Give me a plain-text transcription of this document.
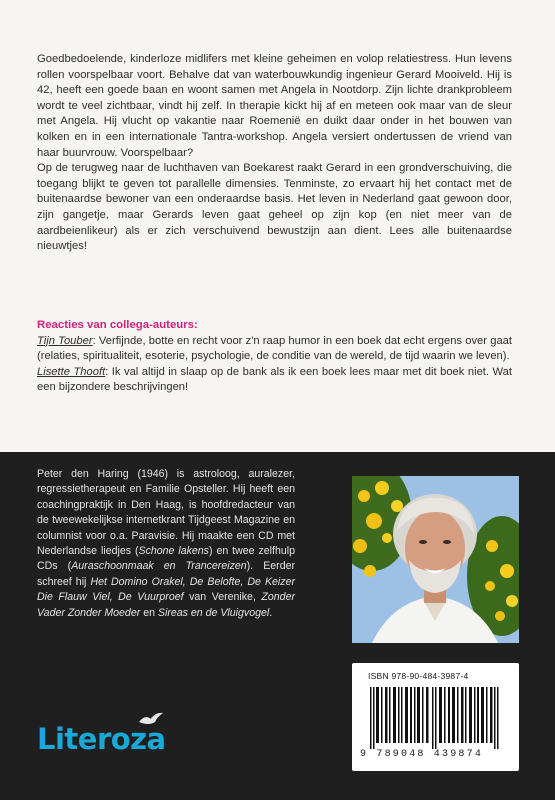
Goedbedoelende, kinderloze midlifers met kleine geheimen en volop relatiestress. Hun levens rollen voorspelbaar voort. Behalve dat van waterbouwkundig ingenieur Gerard Mooiveld. Hij is 42, heeft een goede baan en woont samen met Angela in Nootdorp. Zijn lichte drankprobleem wordt te veel zichtbaar, vindt hij zelf. In therapie kickt hij af en meteen ook maar van de sleur met Angela. Hij vlucht op vakantie naar Roemenië en duikt daar onder in het bouwen van kolken en in een internationale Tantra-workshop. Angela versiert ondertussen de vriend van haar buurvrouw. Voorspelbaar?

Op de terugweg naar de luchthaven van Boekarest raakt Gerard in een grondverschuiving, die toegang blijkt te geven tot parallelle dimensies. Tenminste, zo ervaart hij het contact met de buitenaardse bewoner van een onderaardse basis. Het leven in Nederland gaat gewoon door, zijn gangetje, maar Gerards leven gaat geheel op zijn kop (en niet meer van de aardbeienlikeur) als er zich verschuivend bewustzijn aan dient. Lees alle buitenaardse nieuwtjes!

Reacties van collega-auteurs:
Tijn Touber: Verfijnde, botte en recht voor z'n raap humor in een boek dat echt ergens over gaat (relaties, spiritualiteit, esoterie, psychologie, de conditie van de wereld, de tijd waarin we leven).
Lisette Thooft: Ik val altijd in slaap op de bank als ik een boek lees maar met dit boek niet. Wat een bijzondere beschrijvingen!
Peter den Haring (1946) is astroloog, auralezer, regressietherapeut en Familie Opsteller. Hij heeft een coachingpraktijk in Den Haag, is hoofdredacteur van de tweewekelijkse internetkrant Tijdgeest Magazine en columnist voor o.a. Paravisie. Hij maakte een CD met Nederlandse liedjes (Schone lakens) en twee zelfhulp CDs (Auraschoonmaak en Trancereizen). Eerder schreef hij Het Domino Orakel, De Belofte, De Keizer Die Flauw Viel, De Vuurproef van Verenike, Zonder Vader Zonder Moeder en Sireas en de Vluigvogel.
ISBN 978-90-484-3987-4
9 789048 439874
Literoza
